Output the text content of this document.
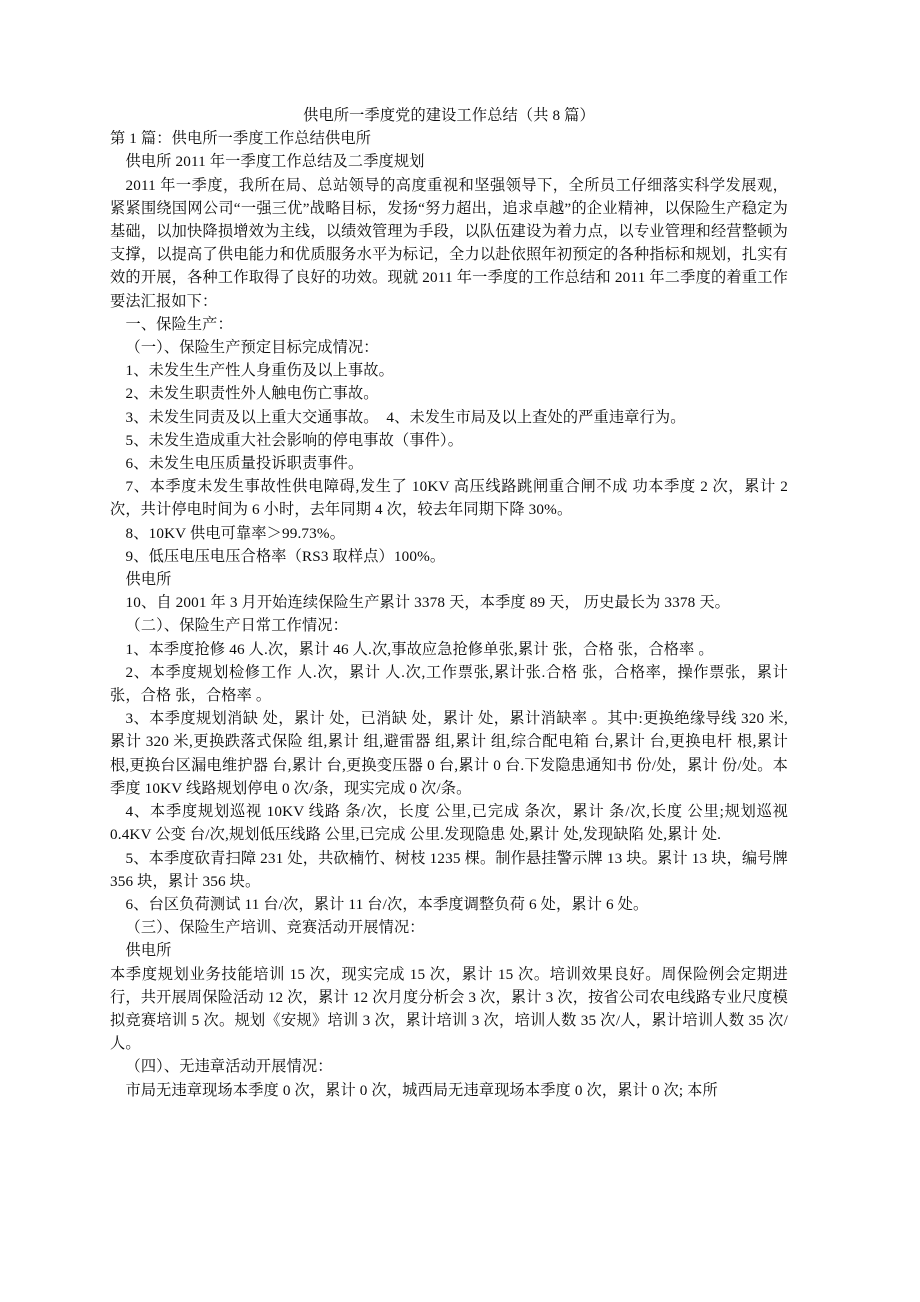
供电所一季度党的建设工作总结（共 8 篇）
第 1 篇：供电所一季度工作总结供电所
供电所 2011 年一季度工作总结及二季度规划
2011 年一季度，我所在局、总站领导的高度重视和坚强领导下，全所员工仔细落实科学发展观，紧紧围绕国网公司“一强三优”战略目标，发扬“努力超出，追求卓越”的企业精神，以保险生产稳定为基础，以加快降损增效为主线，以绩效管理为手段，以队伍建设为着力点，以专业管理和经营整顿为支撑，以提高了供电能力和优质服务水平为标记，全力以赴依照年初预定的各种指标和规划，扎实有效的开展，各种工作取得了良好的功效。现就 2011 年一季度的工作总结和 2011 年二季度的着重工作要法汇报如下：
一、保险生产：
（一）、保险生产预定目标完成情况：
1、未发生生产性人身重伤及以上事故。
2、未发生职责性外人触电伤亡事故。
3、未发生同责及以上重大交通事故。　4、未发生市局及以上查处的严重违章行为。
5、未发生造成重大社会影响的停电事故（事件）。
6、未发生电压质量投诉职责事件。
7、本季度未发生事故性供电障碍,发生了 10KV 高压线路跳闸重合闸不成 功本季度 2 次，累计 2 次，共计停电时间为 6 小时，去年同期 4 次，较去年同期下降 30%。
8、10KV 供电可靠率＞99.73%。
9、低压电压电压合格率（RS3 取样点）100%。
供电所
10、自 2001 年 3 月开始连续保险生产累计 3378 天，本季度 89 天， 历史最长为 3378 天。
（二）、保险生产日常工作情况：
1、本季度抢修 46 人.次，累计 46 人.次,事故应急抢修单张,累计 张，合格 张，合格率 。
2、本季度规划检修工作 人.次，累计 人.次,工作票张,累计张.合格 张，合格率，操作票张，累计 张，合格 张，合格率 。
3、本季度规划消缺 处，累计 处，已消缺 处，累计 处，累计消缺率 。其中:更换绝缘导线 320 米,累计 320 米,更换跌落式保险 组,累计 组,避雷器 组,累计 组,综合配电箱 台,累计 台,更换电杆 根,累计 根,更换台区漏电维护器 台,累计 台,更换变压器 0 台,累计 0 台.下发隐患通知书 份/处，累计 份/处。本季度 10KV 线路规划停电 0 次/条，现实完成 0 次/条。
4、本季度规划巡视 10KV 线路 条/次，长度 公里,已完成 条次，累计 条/次,长度 公里;规划巡视 0.4KV 公变 台/次,规划低压线路 公里,已完成 公里.发现隐患 处,累计 处,发现缺陷 处,累计 处.
5、本季度砍青扫障 231 处，共砍楠竹、树枝 1235 棵。制作悬挂警示牌 13 块。累计 13 块，编号牌 356 块，累计 356 块。
6、台区负荷测试 11 台/次，累计 11 台/次，本季度调整负荷 6 处，累计 6 处。
（三）、保险生产培训、竞赛活动开展情况：
供电所
本季度规划业务技能培训 15 次，现实完成 15 次，累计 15 次。培训效果良好。周保险例会定期进行，共开展周保险活动 12 次，累计 12 次月度分析会 3 次，累计 3 次，按省公司农电线路专业尺度模拟竞赛培训 5 次。规划《安规》培训 3 次，累计培训 3 次，培训人数 35 次/人，累计培训人数 35 次/人。
（四）、无违章活动开展情况：
市局无违章现场本季度 0 次，累计 0 次，城西局无违章现场本季度 0 次，累计 0 次; 本所
